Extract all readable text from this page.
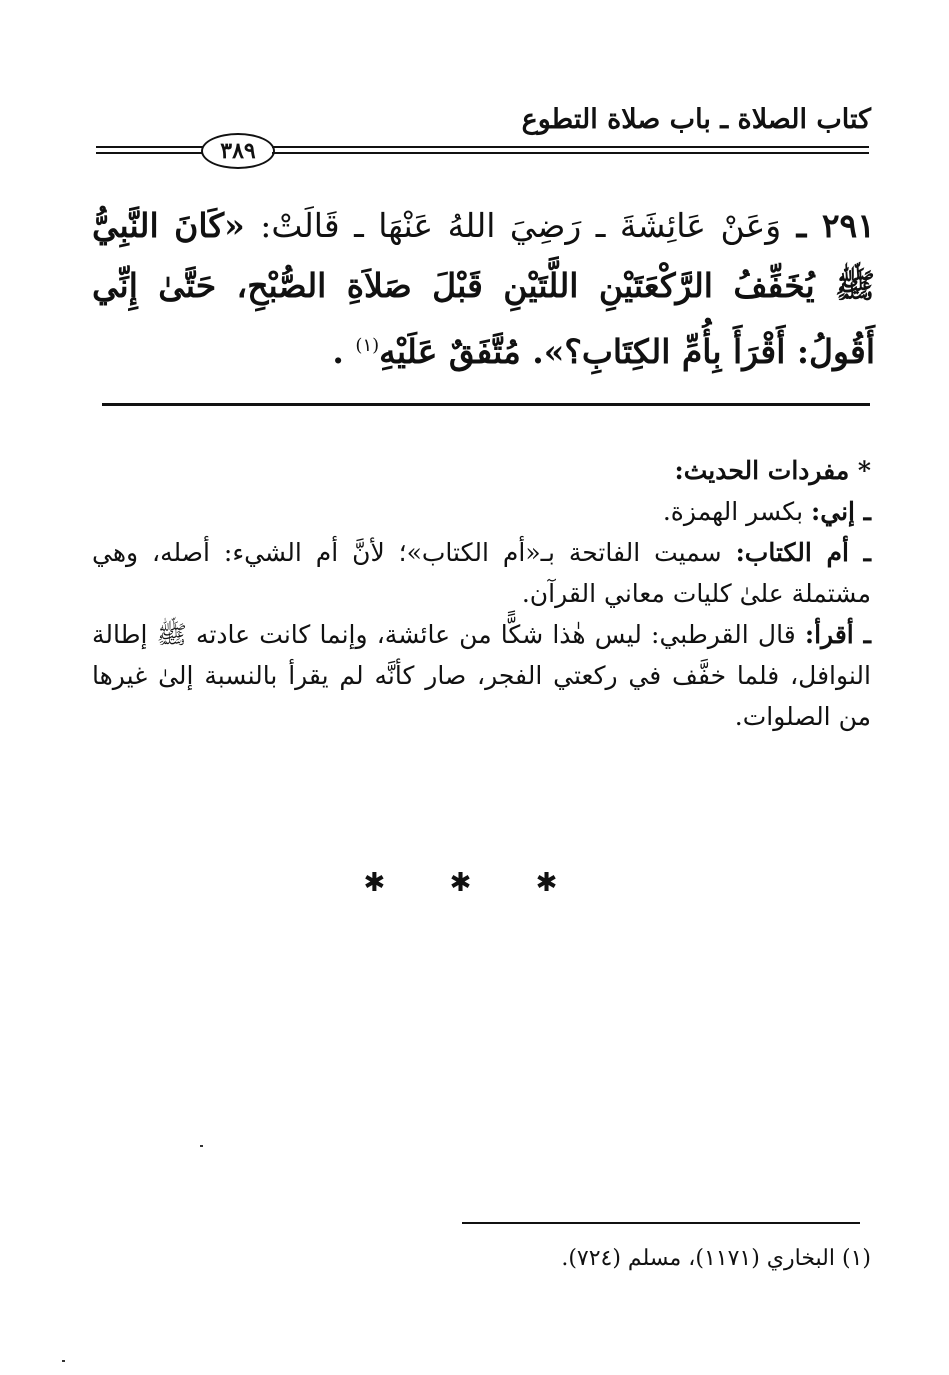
كتاب الصلاة ـ باب صلاة التطوع
٣٨٩
٢٩١ ـ وَعَنْ عَائِشَةَ ـ رَضِيَ اللهُ عَنْهَا ـ قَالَتْ: «كَانَ النَّبِيُّ ﷺ يُخَفِّفُ الرَّكْعَتَيْنِ اللَّتَيْنِ قَبْلَ صَلاَةِ الصُّبْحِ، حَتَّىٰ إِنِّي أَقُولُ: أَقْرَأَ بِأُمِّ الكِتَابِ؟». مُتَّفَقٌ عَلَيْهِ$^{(١)}$ .
* مفردات الحديث:
ـ إني: بكسر الهمزة.
ـ أم الكتاب: سميت الفاتحة بـ«أم الكتاب»؛ لأنَّ أم الشيء: أصله، وهي مشتملة علىٰ كليات معاني القرآن.
ـ أقرأ: قال القرطبي: ليس هٰذا شكًّا من عائشة، وإنما كانت عادته ﷺ إطالة النوافل، فلما خفَّف في ركعتي الفجر، صار كأنَّه لم يقرأ بالنسبة إلىٰ غيرها من الصلوات.
✱ ✱ ✱
(١) البخاري (١١٧١)، مسلم (٧٢٤).
